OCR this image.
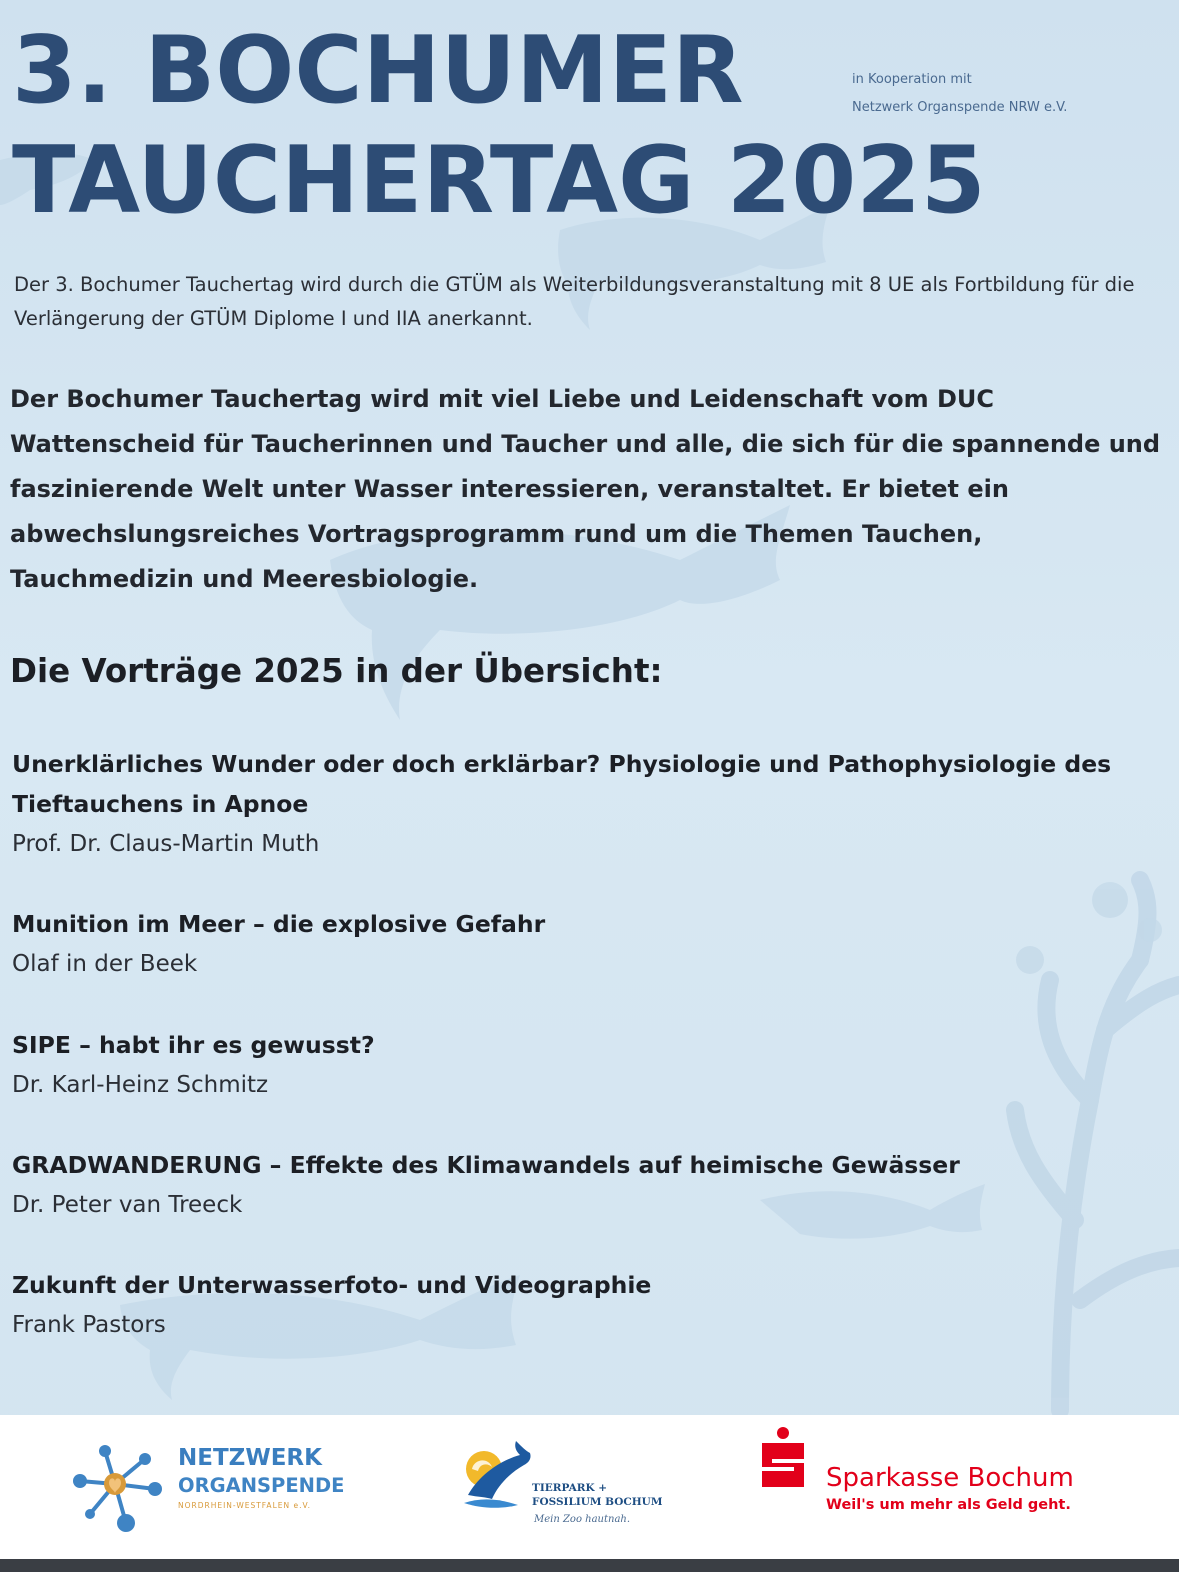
3. BOCHUMER
TAUCHERTAG 2025
in Kooperation mit
Netzwerk Organspende NRW e.V.

Der 3. Bochumer Tauchertag wird durch die GTÜM als Weiterbildungsveranstaltung mit 8 UE als Fortbildung für die Verlängerung der GTÜM Diplome I und IIA anerkannt.

Der Bochumer Tauchertag wird mit viel Liebe und Leidenschaft vom DUC Wattenscheid für Taucherinnen und Taucher und alle, die sich für die spannende und faszinierende Welt unter Wasser interessieren, veranstaltet. Er bietet ein abwechslungsreiches Vortragsprogramm rund um die Themen Tauchen, Tauchmedizin und Meeresbiologie.

Die Vorträge 2025 in der Übersicht:

Unerklärliches Wunder oder doch erklärbar? Physiologie und Pathophysiologie des Tieftauchens in Apnoe

Prof. Dr. Claus-Martin Muth

Munition im Meer – die explosive Gefahr

Olaf in der Beek

SIPE – habt ihr es gewusst?

Dr. Karl-Heinz Schmitz

GRADWANDERUNG – Effekte des Klimawandels auf heimische Gewässer

Dr. Peter van Treeck

Zukunft der Unterwasserfoto- und Videographie

Frank Pastors

NETZWERK

ORGANSPENDE

NORDRHEIN-WESTFALEN e.V.

TIERPARK +

FOSSILIUM BOCHUM

Mein Zoo hautnah.

Sparkasse Bochum

Weil's um mehr als Geld geht.
